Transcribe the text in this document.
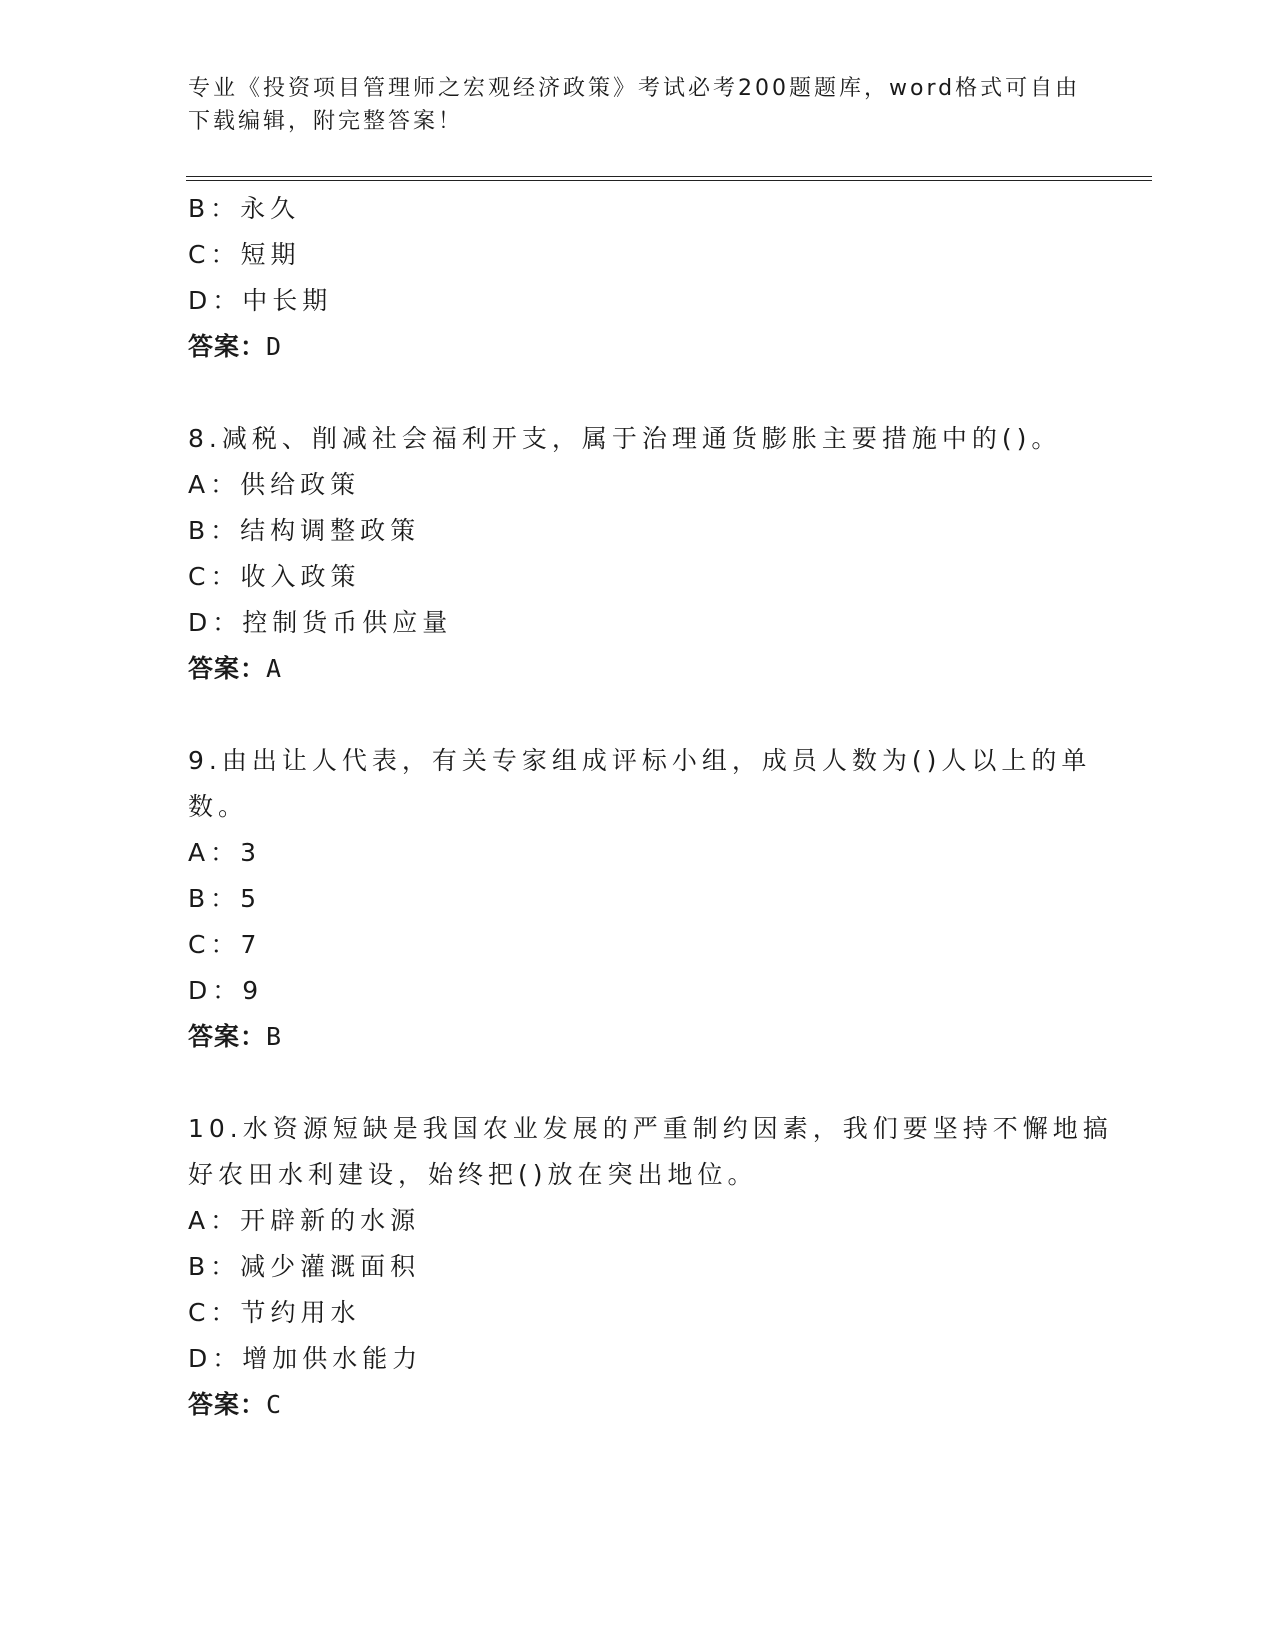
专业《投资项目管理师之宏观经济政策》考试必考200题题库，word格式可自由
下载编辑，附完整答案！
B：永久
C：短期
D：中长期
答案：D
8.减税、削减社会福利开支，属于治理通货膨胀主要措施中的()。
A：供给政策
B：结构调整政策
C：收入政策
D：控制货币供应量
答案：A
9.由出让人代表，有关专家组成评标小组，成员人数为()人以上的单
数。
A：3
B：5
C：7
D：9
答案：B
10.水资源短缺是我国农业发展的严重制约因素，我们要坚持不懈地搞
好农田水利建设，始终把()放在突出地位。
A：开辟新的水源
B：减少灌溉面积
C：节约用水
D：增加供水能力
答案：C
